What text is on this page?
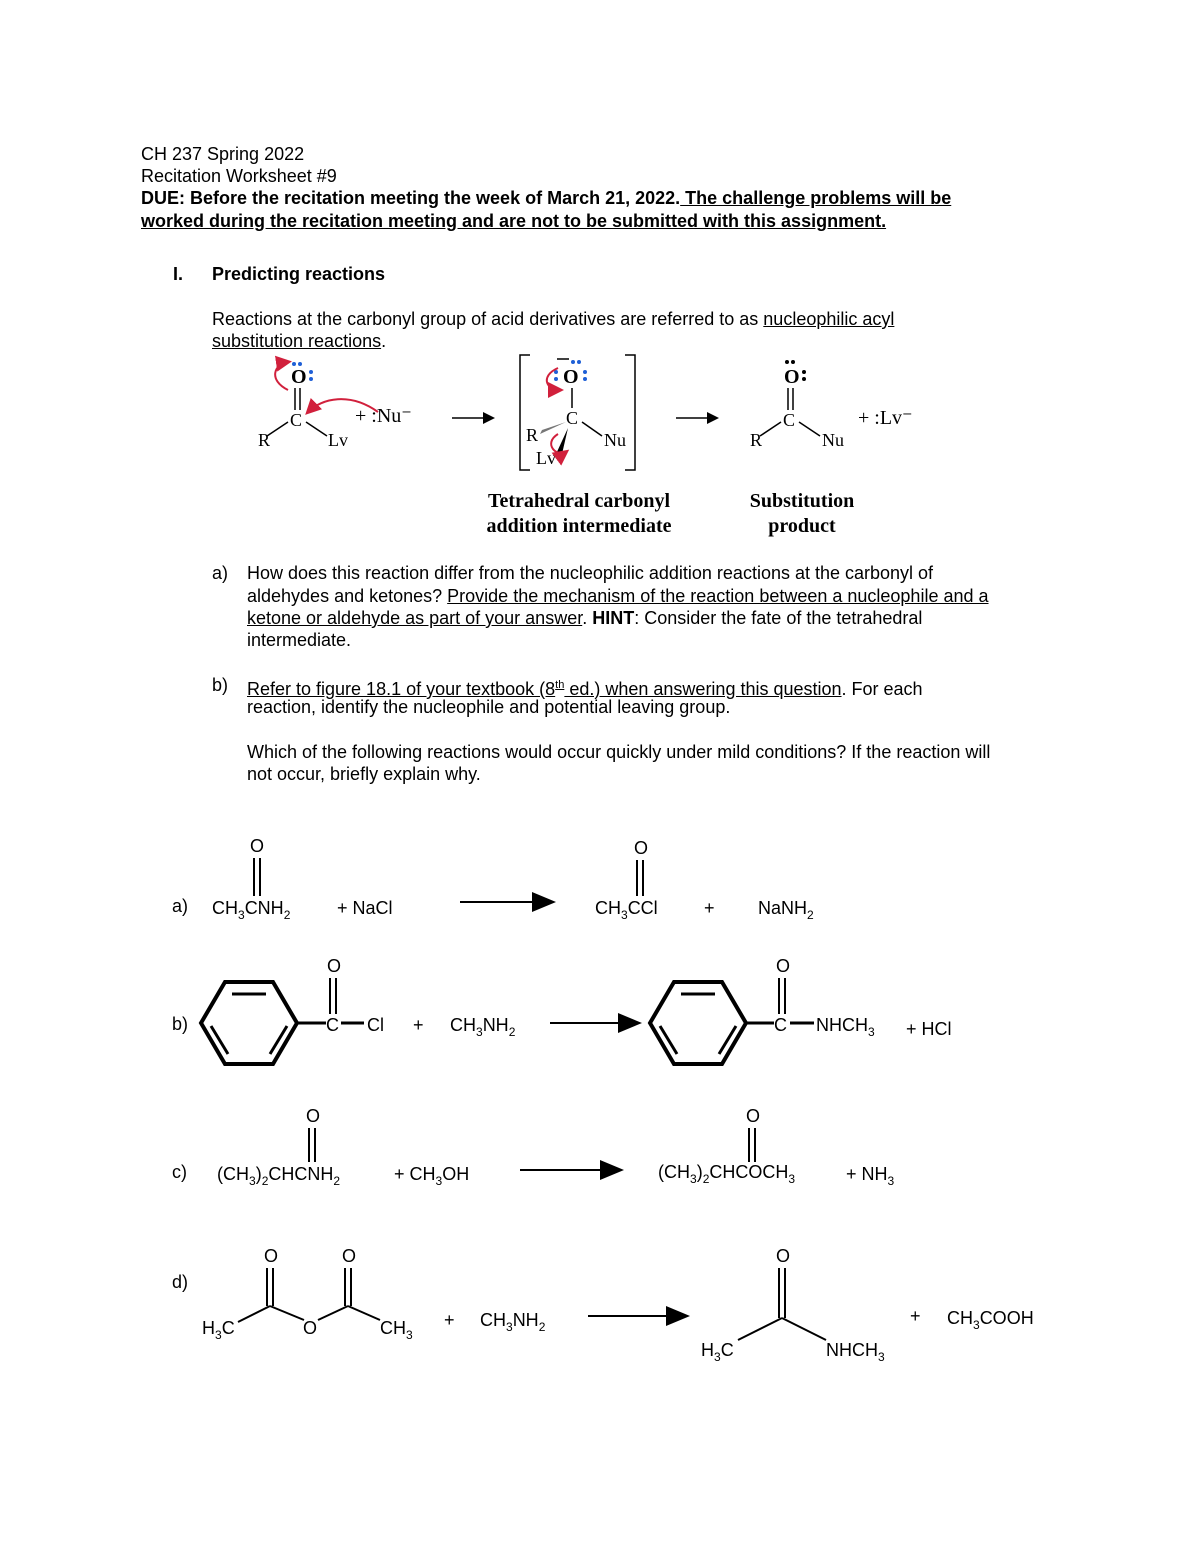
CH 237 Spring 2022
Recitation Worksheet #9
DUE: Before the recitation meeting the week of March 21, 2022. The challenge problems will be
worked during the recitation meeting and are not to be submitted with this assignment.
I. Predicting reactions
Reactions at the carbonyl group of acid derivatives are referred to as nucleophilic acyl
substitution reactions.
O
C
R	Lv
+ :Nu⁻
O
C
R	Nu
Lv
O
C
R	Nu
+ :Lv⁻
Tetrahedral carbonyl
addition intermediate
Substitution
product
a) How does this reaction differ from the nucleophilic addition reactions at the carbonyl of
aldehydes and ketones? Provide the mechanism of the reaction between a nucleophile and a
ketone or aldehyde as part of your answer. HINT: Consider the fate of the tetrahedral
intermediate.
b) Refer to figure 18.1 of your textbook (8th ed.) when answering this question. For each
reaction, identify the nucleophile and potential leaving group.
Which of the following reactions would occur quickly under mild conditions? If the reaction will
not occur, briefly explain why.
a)
O
$CH_3CNH_2$	+ NaCl
O
$CH_3CCl$	+ NaNH$_2$
b)
O
C $Cl + CH_3NH_2$
O
C $NHCH_3$ + HCl
c)
O
$(CH_3)_2CHCNH_2$	+ $CH_3OH$
O
$(CH_3)_2CHCOCH_3$	+ $NH_3$
d)
O	O
$H_3C$	O	$CH_3$
+ $CH_3NH_2$
O
$H_3C$	$NHCH_3$
+ $CH_3COOH$
